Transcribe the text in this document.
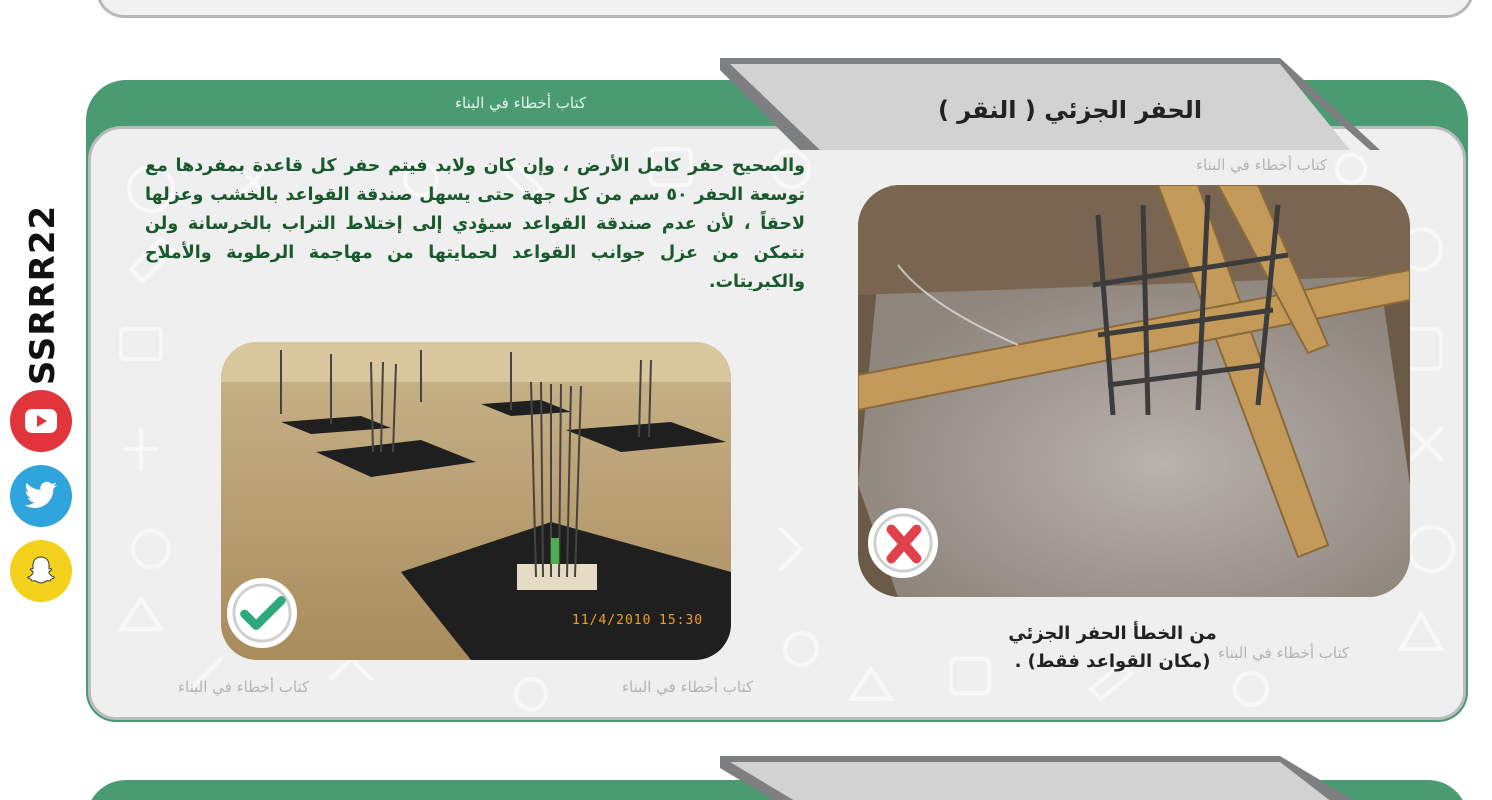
SSRRR22
كتاب أخطاء في البناء	الحفر الجزئي ( النقر )

والصحيح حفر كامل الأرض ، وإن كان ولابد فيتم حفر كل قاعدة بمفردها مع توسعة الحفر ٥٠ سم من كل جهة حتى يسهل صندقة القواعد بالخشب وعزلها لاحقاً ، لأن عدم صندقة القواعد سيؤدي إلى إختلاط التراب بالخرسانة ولن نتمكن من عزل جوانب القواعد لحمايتها من مهاجمة الرطوبة والأملاح والكبريتات.

11/4/2010 15:30
من الخطأ الحفر الجزئي
(مكان القواعد فقط) .
كتاب أخطاء في البناء
كتاب أخطاء في البناء
كتاب أخطاء في البناء	كتاب أخطاء في البناء
